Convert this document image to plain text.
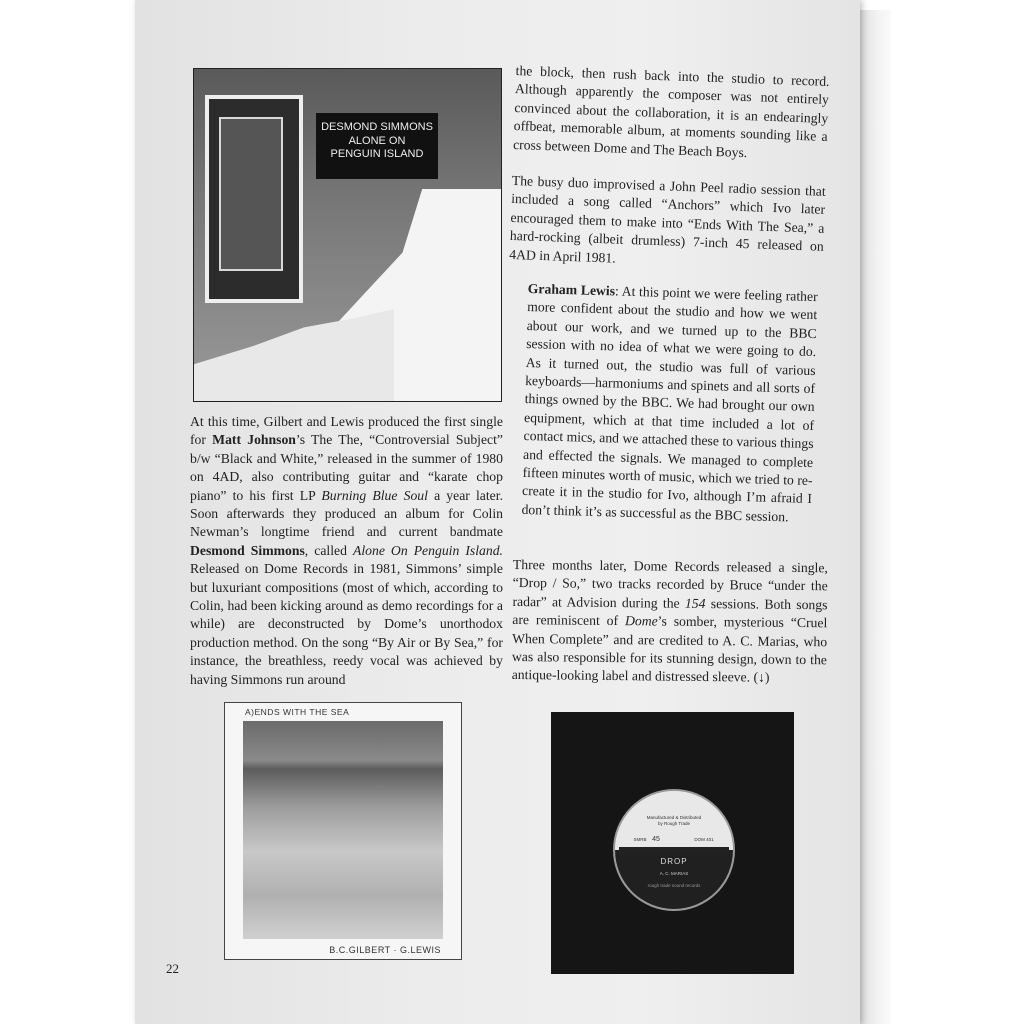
DESMOND SIMMONS
ALONE ON
PENGUIN ISLAND

At this time, Gilbert and Lewis produced the first single for Matt Johnson’s The The, “Controversial Subject” b/w “Black and White,” released in the summer of 1980 on 4AD, also contributing guitar and “karate chop piano” to his first LP Burning Blue Soul a year later. Soon afterwards they produced an album for Colin Newman’s longtime friend and current bandmate Desmond Simmons, called Alone On Penguin Island. Released on Dome Records in 1981, Simmons’ simple but luxuriant compositions (most of which, according to Colin, had been kicking around as demo recordings for a while) are deconstructed by Dome’s unorthodox production method. On the song “By Air or By Sea,” for instance, the breathless, reedy vocal was achieved by having Simmons run around

the block, then rush back into the studio to record. Although apparently the composer was not entirely convinced about the collaboration, it is an endearingly offbeat, memorable album, at moments sounding like a cross between Dome and The Beach Boys.

The busy duo improvised a John Peel radio session that included a song called “Anchors” which Ivo later encouraged them to make into “Ends With The Sea,” a hard-rocking (albeit drumless) 7-inch 45 released on 4AD in April 1981.

Graham Lewis: At this point we were feeling rather more confident about the studio and how we went about our work, and we turned up to the BBC session with no idea of what we were going to do. As it turned out, the studio was full of various keyboards—harmoniums and spinets and all sorts of things owned by the BBC. We had brought our own equipment, which at that time included a lot of contact mics, and we attached these to various things and effected the signals. We managed to complete fifteen minutes worth of music, which we tried to re-create it in the studio for Ivo, although I’m afraid I don’t think it’s as successful as the BBC session.

Three months later, Dome Records released a single, “Drop / So,” two tracks recorded by Bruce “under the radar” at Advision during the 154 sessions. Both songs are reminiscent of Dome’s somber, mysterious “Cruel When Complete” and are credited to A. C. Marias, who was also responsible for its stunning design, down to the antique-looking label and distressed sleeve. (↓)

A)ENDS WITH THE SEA
B.C.GILBERT · G.LEWIS
Manufactured & Distributed
by Rough Trade
SMRB 45	DOM 401
DROP
A. C. MARIAS
rough trade sound records
22
